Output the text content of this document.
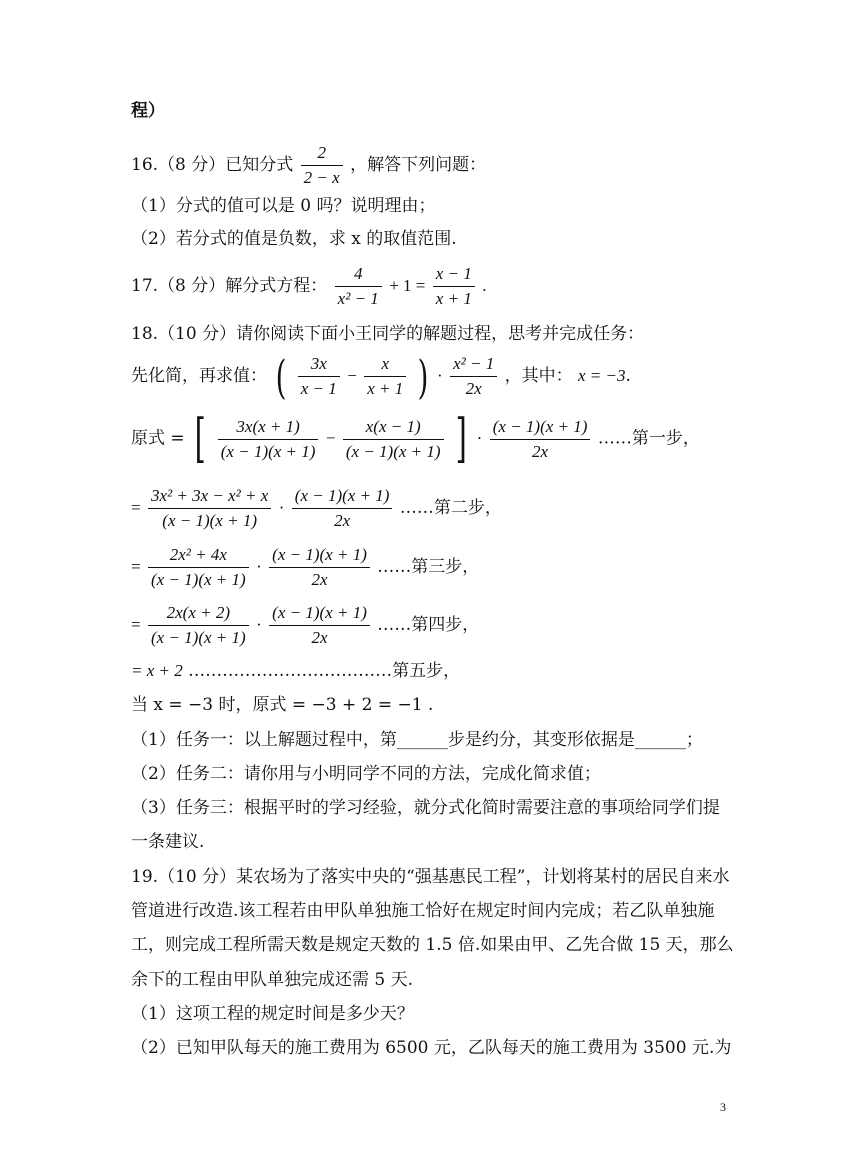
程）
16.（8 分）已知分式 $\frac{2}{2 - x}$ ，解答下列问题：
（1）分式的值可以是 0 吗？说明理由；
（2）若分式的值是负数，求 x 的取值范围.
17.（8 分）解分式方程： $\frac{4}{\text{x² − 1}} + 1 = \frac{x - 1}{x + 1}$ .
18.（10 分）请你阅读下面小王同学的解题过程，思考并完成任务：
先化简，再求值： ( $\frac{3x}{x - 1} - \frac{x}{x + 1}$ ) · $\frac{\text{x² − 1}}{2x}$ ，其中： x = −3.
原式 = [ $\frac{3x(x + 1)}{(x - 1)(x + 1)} - \frac{x(x - 1)}{(x - 1)(x + 1)}$ ] · $\frac{(x - 1)(x + 1)}{2x}$ ……第一步，
= $\frac{\text{3x² + 3x − x² + x}}{(x - 1)(x + 1)} \cdot \frac{(x - 1)(x + 1)}{2x}$ ……第二步，
= $\frac{\text{2x² + 4x}}{(x - 1)(x + 1)} \cdot \frac{(x - 1)(x + 1)}{2x}$ ……第三步，
= $\frac{2x(x + 2)}{(x - 1)(x + 1)} \cdot \frac{(x - 1)(x + 1)}{2x}$ ……第四步，
= x + 2 ………………………………第五步，
当 x = −3 时，原式 = −3 + 2 = −1 .
（1）任务一：以上解题过程中，第______步是约分，其变形依据是______；
（2）任务二：请你用与小明同学不同的方法，完成化简求值；
（3）任务三：根据平时的学习经验，就分式化简时需要注意的事项给同学们提
一条建议.
19.（10 分）某农场为了落实中央的“强基惠民工程”，计划将某村的居民自来水
管道进行改造.该工程若由甲队单独施工恰好在规定时间内完成；若乙队单独施
工，则完成工程所需天数是规定天数的 1.5 倍.如果由甲、乙先合做 15 天，那么
余下的工程由甲队单独完成还需 5 天.
（1）这项工程的规定时间是多少天？
（2）已知甲队每天的施工费用为 6500 元，乙队每天的施工费用为 3500 元.为
3
